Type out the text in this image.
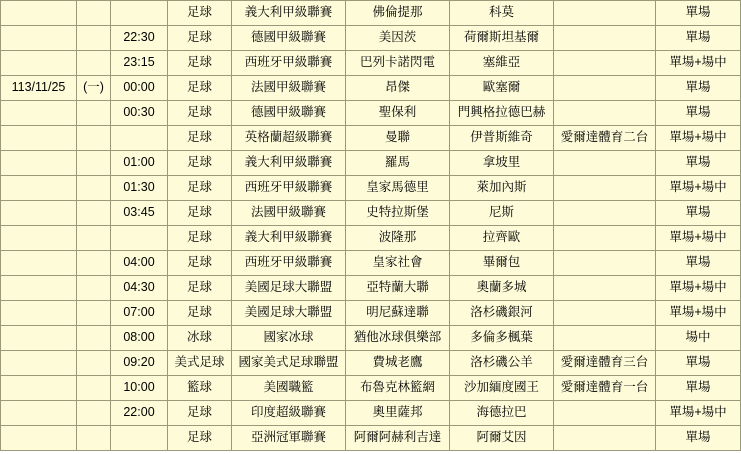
			足球	義大利甲級聯賽	佛倫提那	科莫		單場
		22:30	足球	德國甲級聯賽	美因茨	荷爾斯坦基爾		單場
		23:15	足球	西班牙甲級聯賽	巴列卡諾閃電	塞維亞		單場+場中
113/11/25	(一)	00:00	足球	法國甲級聯賽	昂傑	歐塞爾		單場
		00:30	足球	德國甲級聯賽	聖保利	門興格拉德巴赫		單場
			足球	英格蘭超級聯賽	曼聯	伊普斯維奇	愛爾達體育二台	單場+場中
		01:00	足球	義大利甲級聯賽	羅馬	拿坡里		單場
		01:30	足球	西班牙甲級聯賽	皇家馬德里	萊加內斯		單場+場中
		03:45	足球	法國甲級聯賽	史特拉斯堡	尼斯		單場
			足球	義大利甲級聯賽	波隆那	拉齊歐		單場+場中
		04:00	足球	西班牙甲級聯賽	皇家社會	畢爾包		單場
		04:30	足球	美國足球大聯盟	亞特蘭大聯	奧蘭多城		單場+場中
		07:00	足球	美國足球大聯盟	明尼蘇達聯	洛杉磯銀河		單場+場中
		08:00	冰球	國家冰球	猶他冰球俱樂部	多倫多楓葉		場中
		09:20	美式足球	國家美式足球聯盟	費城老鷹	洛杉磯公羊	愛爾達體育三台	單場
		10:00	籃球	美國職籃	布魯克林籃網	沙加緬度國王	愛爾達體育一台	單場
		22:00	足球	印度超級聯賽	奧里薩邦	海德拉巴		單場+場中
			足球	亞洲冠軍聯賽	阿爾阿赫利吉達	阿爾艾因		單場
